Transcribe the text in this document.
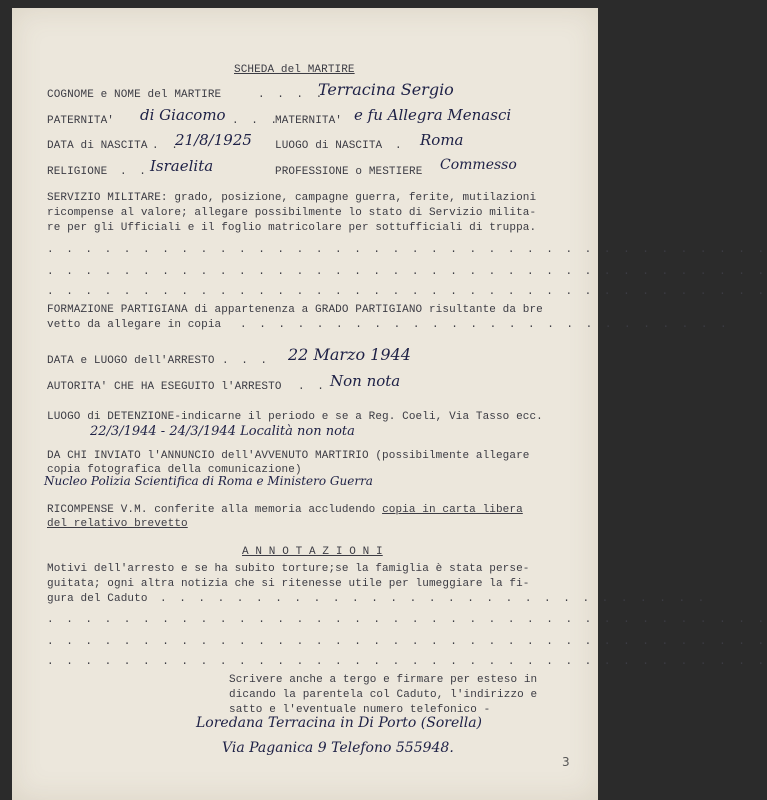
SCHEDA del MARTIRE
COGNOME e NOME del MARTIRE	. . . .
Terracina Sergio
PATERNITA' di Giacomo . . .
MATERNITA' e fu Allegra Menasci
DATA di NASCITA . .
21/8/1925 LUOGO di NASCITA . Roma
RELIGIONE . . Israelita	PROFESSIONE o MESTIERE Commesso
SERVIZIO MILITARE: grado, posizione, campagne guerra, ferite, mutilazioni
ricompense al valore; allegare possibilmente lo stato di Servizio milita-
re per gli Ufficiali e il foglio matricolare per sottufficiali di truppa.
. . . . . . . . . . . . . . . . . . . . . . . . . . . . . . . . . . . . . .
. . . . . . . . . . . . . . . . . . . . . . . . . . . . . . . . . . . . . .
. . . . . . . . . . . . . . . . . . . . . . . . . . . . . . . . . . . . . .
FORMAZIONE PARTIGIANA di appartenenza a GRADO PARTIGIANO risultante da bre
vetto da allegare in copia . . . . . . . . . . . . . . . . . . . . . . . . . .
DATA e LUOGO dell'ARRESTO . . . 22 Marzo 1944
AUTORITA' CHE HA ESEGUITO l'ARRESTO . . Non nota
LUOGO di DETENZIONE-indicarne il periodo e se a Reg. Coeli, Via Tasso ecc.
22/3/1944 - 24/3/1944 Località non nota
DA CHI INVIATO l'ANNUNCIO dell'AVVENUTO MARTIRIO (possibilmente allegare
copia fotografica della comunicazione)
Nucleo Polizia Scientifica di Roma e Ministero Guerra
RICOMPENSE V.M. conferite alla memoria accludendo copia in carta libera
del relativo brevetto
A N N O T A Z I O N I
Motivi dell'arresto e se ha subito torture;se la famiglia è stata perse-
guitata; ogni altra notizia che si ritenesse utile per lumeggiare la fi-
gura del Caduto . . . . . . . . . . . . . . . . . . . . . . . . . . . . .
. . . . . . . . . . . . . . . . . . . . . . . . . . . . . . . . . . . . . .
. . . . . . . . . . . . . . . . . . . . . . . . . . . . . . . . . . . . . .
. . . . . . . . . . . . . . . . . . . . . . . . . . . . . . . . . . . . . .
Scrivere anche a tergo e firmare per esteso in
dicando la parentela col Caduto, l'indirizzo e
satto e l'eventuale numero telefonico -
Loredana Terracina in Di Porto (Sorella)
Via Paganica 9 Telefono 555948.
3
